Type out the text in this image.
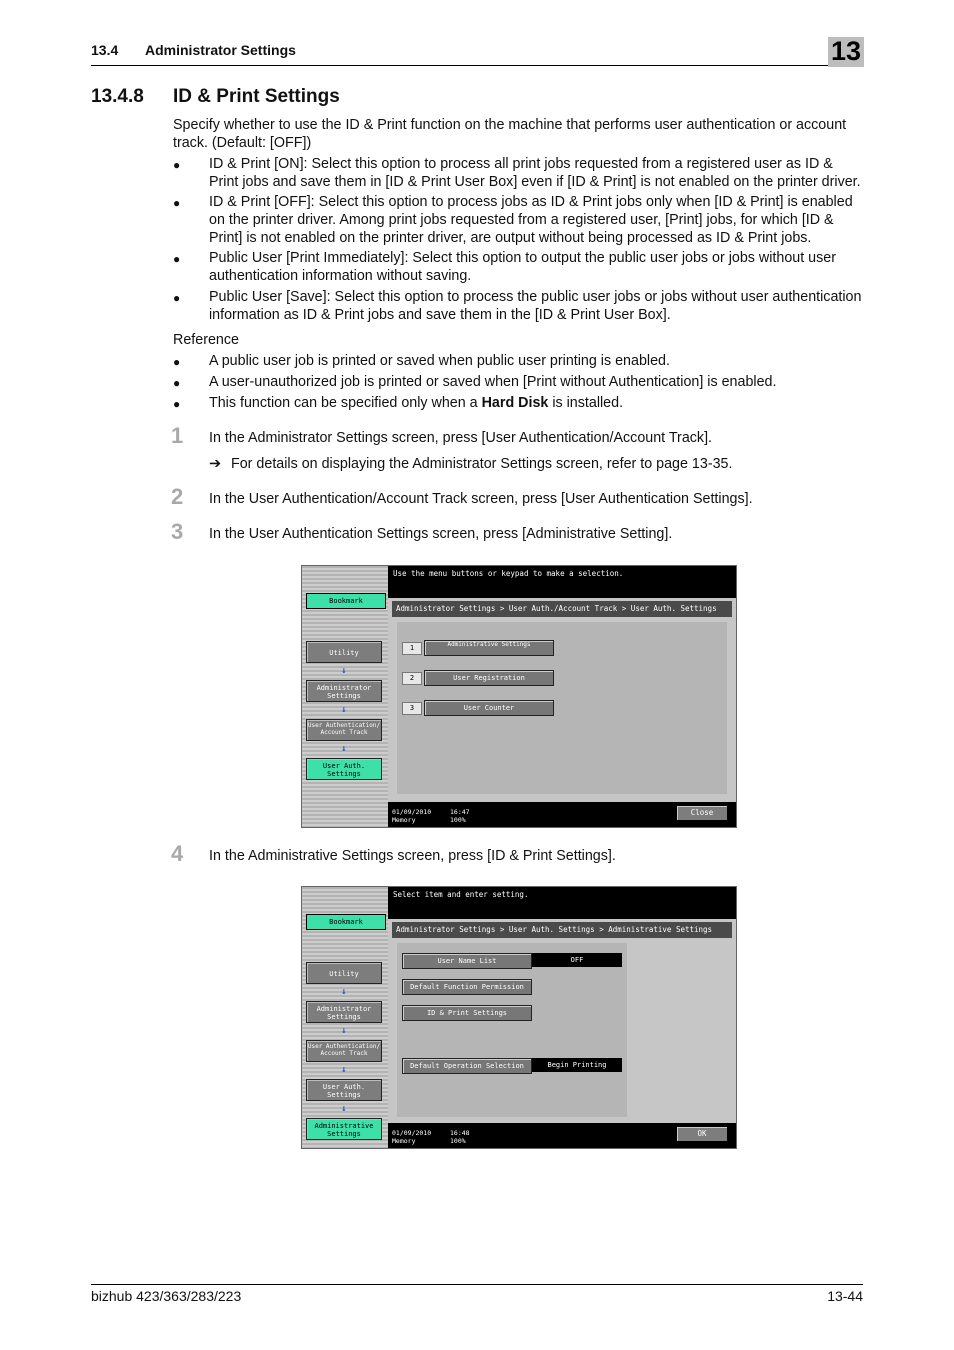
13.4 Administrator Settings	13
13.4.8 ID & Print Settings
Specify whether to use the ID & Print function on the machine that performs user authentication or account track. (Default: [OFF])
● ID & Print [ON]: Select this option to process all print jobs requested from a registered user as ID & Print jobs and save them in [ID & Print User Box] even if [ID & Print] is not enabled on the printer driver.
● ID & Print [OFF]: Select this option to process jobs as ID & Print jobs only when [ID & Print] is enabled on the printer driver. Among print jobs requested from a registered user, [Print] jobs, for which [ID & Print] is not enabled on the printer driver, are output without being processed as ID & Print jobs.
● Public User [Print Immediately]: Select this option to output the public user jobs or jobs without user authentication information without saving.
● Public User [Save]: Select this option to process the public user jobs or jobs without user authentication information as ID & Print jobs and save them in the [ID & Print User Box].
Reference
● A public user job is printed or saved when public user printing is enabled.
● A user-unauthorized job is printed or saved when [Print without Authentication] is enabled.
● This function can be specified only when a Hard Disk is installed.
1 In the Administrator Settings screen, press [User Authentication/Account Track].
➔ For details on displaying the Administrator Settings screen, refer to page 13-35.
2 In the User Authentication/Account Track screen, press [User Authentication Settings].
3 In the User Authentication Settings screen, press [Administrative Setting].
Bookmark
Utility
↓
Administrator Settings
↓
User Authentication/ Account Track
↓
User Auth. Settings
Use the menu buttons or keypad to make a selection.
Administrator Settings > User Auth./Account Track > User Auth. Settings
1	Administrative Settings
2	User Registration
3	User Counter
01/09/2010
Memory
16:47
100%
Close
4 In the Administrative Settings screen, press [ID & Print Settings].
Bookmark
Utility
↓
Administrator Settings
↓
User Authentication/ Account Track
↓
User Auth. Settings
↓
Administrative Settings
Select item and enter setting.
Administrator Settings > User Auth. Settings > Administrative Settings
User Name List	OFF
Default Function Permission
ID & Print Settings
Default Operation Selection	Begin Printing
01/09/2010
Memory
16:48
100%
OK
bizhub 423/363/283/223	13-44
